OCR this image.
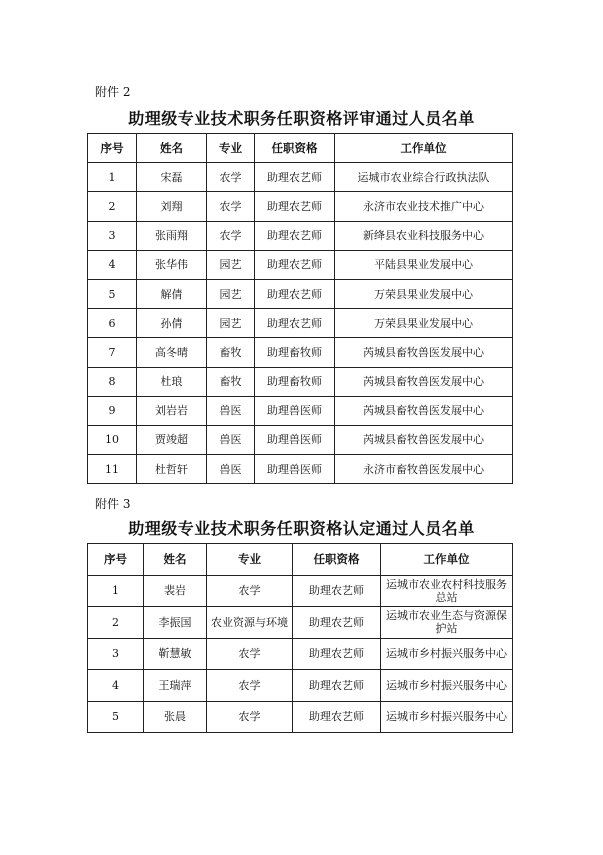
附件 2
助理级专业技术职务任职资格评审通过人员名单
序号	姓名	专业	任职资格	工作单位
1	宋磊	农学	助理农艺师	运城市农业综合行政执法队
2	刘翔	农学	助理农艺师	永济市农业技术推广中心
3	张雨翔	农学	助理农艺师	新绛县农业科技服务中心
4	张华伟	园艺	助理农艺师	平陆县果业发展中心
5	解倩	园艺	助理农艺师	万荣县果业发展中心
6	孙倩	园艺	助理农艺师	万荣县果业发展中心
7	高冬晴	畜牧	助理畜牧师	芮城县畜牧兽医发展中心
8	杜琅	畜牧	助理畜牧师	芮城县畜牧兽医发展中心
9	刘岩岩	兽医	助理兽医师	芮城县畜牧兽医发展中心
10	贾竣超	兽医	助理兽医师	芮城县畜牧兽医发展中心
11	杜哲轩	兽医	助理兽医师	永济市畜牧兽医发展中心
附件 3
助理级专业技术职务任职资格认定通过人员名单
序号	姓名	专业	任职资格	工作单位
1	裴岩	农学	助理农艺师	运城市农业农村科技服务总站
2	李振国	农业资源与环境	助理农艺师	运城市农业生态与资源保护站
3	靳慧敏	农学	助理农艺师	运城市乡村振兴服务中心
4	王瑞萍	农学	助理农艺师	运城市乡村振兴服务中心
5	张晨	农学	助理农艺师	运城市乡村振兴服务中心
